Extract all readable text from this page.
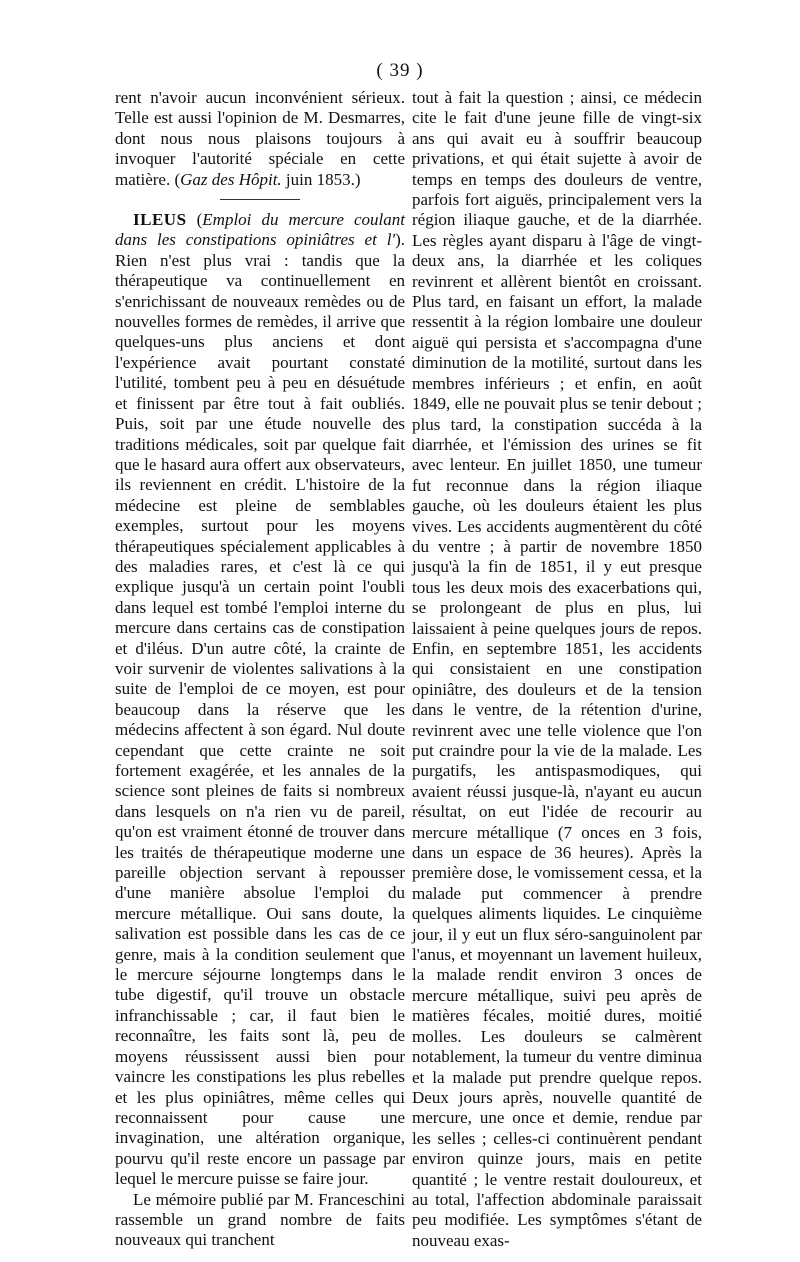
( 39 )

rent n'avoir aucun inconvénient sérieux. Telle est aussi l'opinion de M. Desmarres, dont nous nous plaisons toujours à invoquer l'autorité spéciale en cette matière. (Gaz des Hôpit. juin 1853.)

ILEUS (Emploi du mercure coulant dans les constipations opiniâtres et l'). Rien n'est plus vrai : tandis que la thérapeutique va continuellement en s'enrichissant de nouveaux remèdes ou de nouvelles formes de remèdes, il arrive que quelques-uns plus anciens et dont l'expérience avait pourtant constaté l'utilité, tombent peu à peu en désuétude et finissent par être tout à fait oubliés. Puis, soit par une étude nouvelle des traditions médicales, soit par quelque fait que le hasard aura offert aux observateurs, ils reviennent en crédit. L'histoire de la médecine est pleine de semblables exemples, surtout pour les moyens thérapeutiques spécialement applicables à des maladies rares, et c'est là ce qui explique jusqu'à un certain point l'oubli dans lequel est tombé l'emploi interne du mercure dans certains cas de constipation et d'iléus. D'un autre côté, la crainte de voir survenir de violentes salivations à la suite de l'emploi de ce moyen, est pour beaucoup dans la réserve que les médecins affectent à son égard. Nul doute cependant que cette crainte ne soit fortement exagérée, et les annales de la science sont pleines de faits si nombreux dans lesquels on n'a rien vu de pareil, qu'on est vraiment étonné de trouver dans les traités de thérapeutique moderne une pareille objection servant à repousser d'une manière absolue l'emploi du mercure métallique. Oui sans doute, la salivation est possible dans les cas de ce genre, mais à la condition seulement que le mercure séjourne longtemps dans le tube digestif, qu'il trouve un obstacle infranchissable ; car, il faut bien le reconnaître, les faits sont là, peu de moyens réussissent aussi bien pour vaincre les constipations les plus rebelles et les plus opiniâtres, même celles qui reconnaissent pour cause une invagination, une altération organique, pourvu qu'il reste encore un passage par lequel le mercure puisse se faire jour.

Le mémoire publié par M. Franceschini rassemble un grand nombre de faits nouveaux qui tranchent

tout à fait la question ; ainsi, ce médecin cite le fait d'une jeune fille de vingt-six ans qui avait eu à souffrir beaucoup privations, et qui était sujette à avoir de temps en temps des douleurs de ventre, parfois fort aiguës, principalement vers la région iliaque gauche, et de la diarrhée. Les règles ayant disparu à l'âge de vingt-deux ans, la diarrhée et les coliques revinrent et allèrent bientôt en croissant. Plus tard, en faisant un effort, la malade ressentit à la région lombaire une douleur aiguë qui persista et s'accompagna d'une diminution de la motilité, surtout dans les membres inférieurs ; et enfin, en août 1849, elle ne pouvait plus se tenir debout ; plus tard, la constipation succéda à la diarrhée, et l'émission des urines se fit avec lenteur. En juillet 1850, une tumeur fut reconnue dans la région iliaque gauche, où les douleurs étaient les plus vives. Les accidents augmentèrent du côté du ventre ; à partir de novembre 1850 jusqu'à la fin de 1851, il y eut presque tous les deux mois des exacerbations qui, se prolongeant de plus en plus, lui laissaient à peine quelques jours de repos. Enfin, en septembre 1851, les accidents qui consistaient en une constipation opiniâtre, des douleurs et de la tension dans le ventre, de la rétention d'urine, revinrent avec une telle violence que l'on put craindre pour la vie de la malade. Les purgatifs, les antispasmodiques, qui avaient réussi jusque-là, n'ayant eu aucun résultat, on eut l'idée de recourir au mercure métallique (7 onces en 3 fois, dans un espace de 36 heures). Après la première dose, le vomissement cessa, et la malade put commencer à prendre quelques aliments liquides. Le cinquième jour, il y eut un flux séro-sanguinolent par l'anus, et moyennant un lavement huileux, la malade rendit environ 3 onces de mercure métallique, suivi peu après de matières fécales, moitié dures, moitié molles. Les douleurs se calmèrent notablement, la tumeur du ventre diminua et la malade put prendre quelque repos. Deux jours après, nouvelle quantité de mercure, une once et demie, rendue par les selles ; celles-ci continuèrent pendant environ quinze jours, mais en petite quantité ; le ventre restait douloureux, et au total, l'affection abdominale paraissait peu modifiée. Les symptômes s'étant de nouveau exas-
